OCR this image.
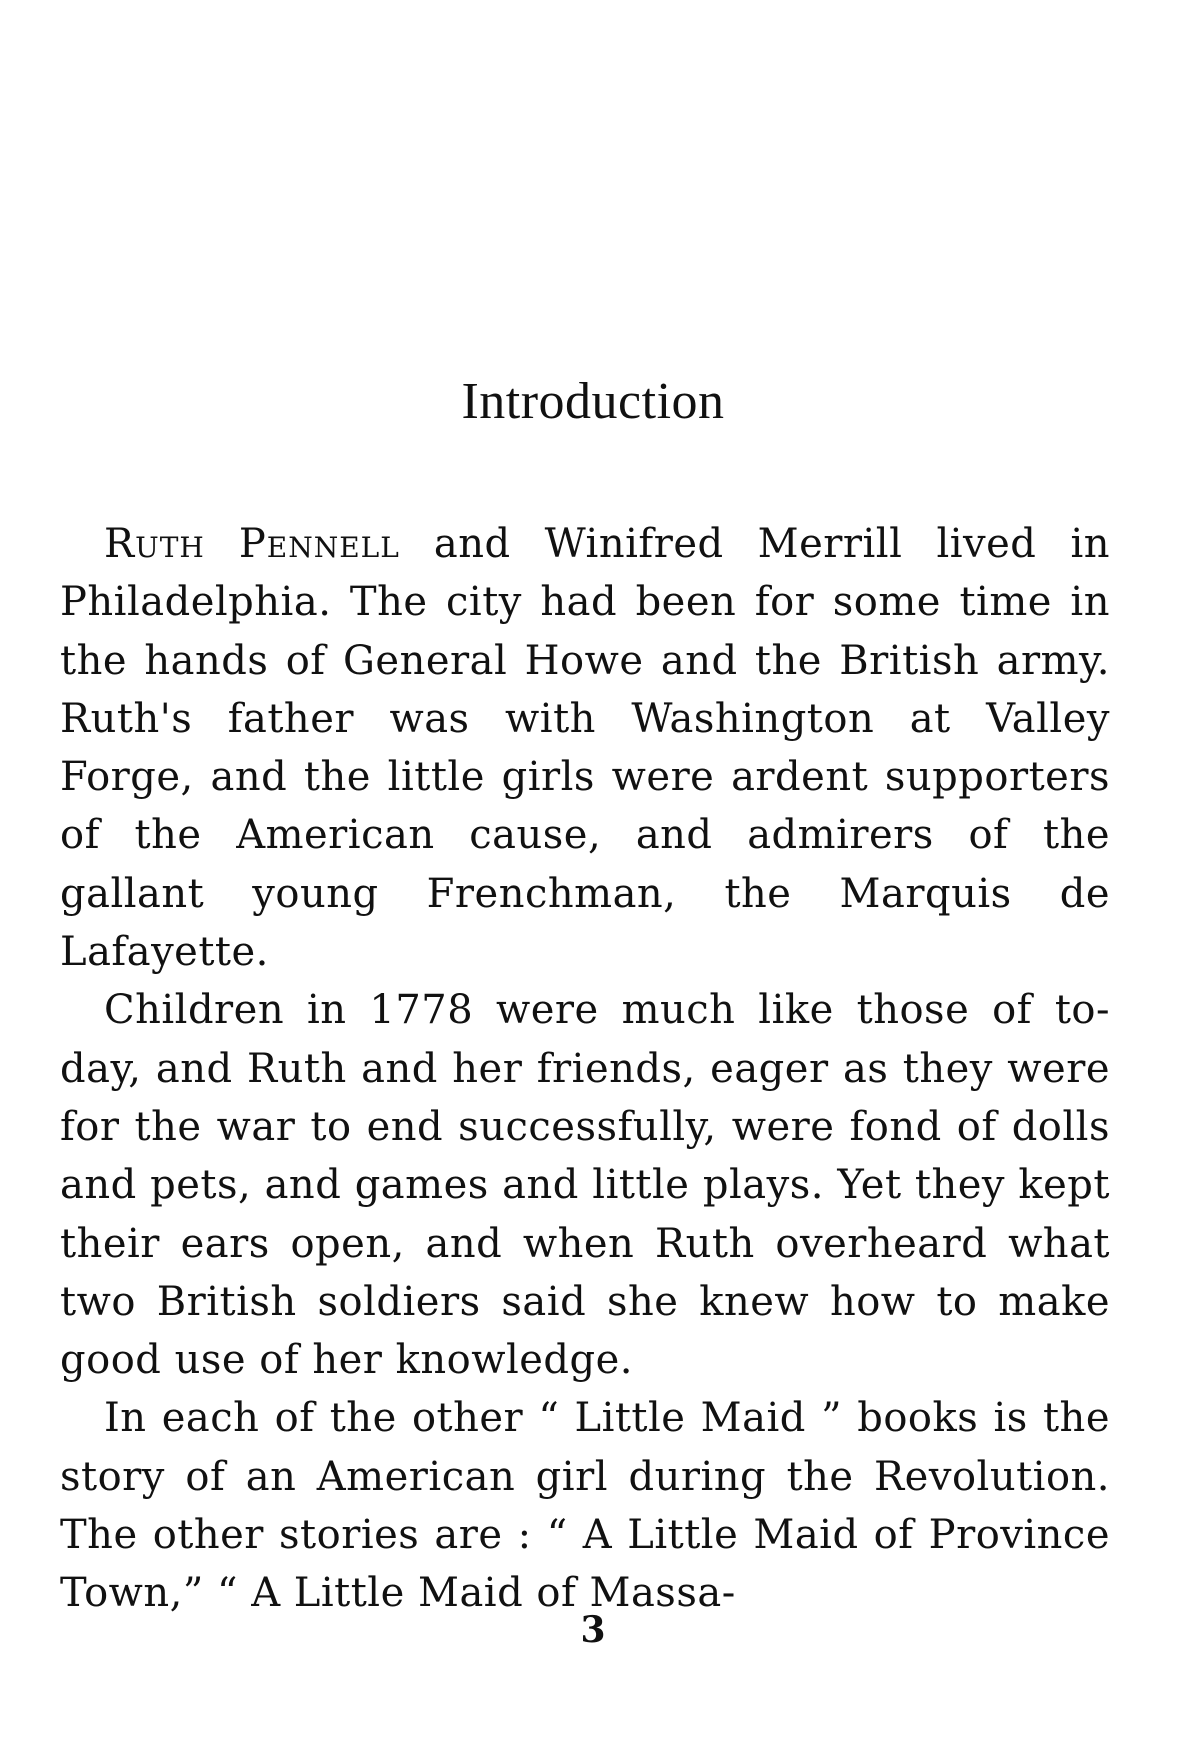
Introduction

Ruth Pennell and Winifred Merrill lived in Philadelphia. The city had been for some time in the hands of General Howe and the British army. Ruth's father was with Washington at Valley Forge, and the little girls were ardent supporters of the American cause, and admirers of the gallant young Frenchman, the Marquis de Lafayette.

Children in 1778 were much like those of to-day, and Ruth and her friends, eager as they were for the war to end successfully, were fond of dolls and pets, and games and little plays. Yet they kept their ears open, and when Ruth overheard what two British soldiers said she knew how to make good use of her knowledge.

In each of the other “ Little Maid ” books is the story of an American girl during the Revolution. The other stories are : “ A Little Maid of Province Town,” “ A Little Maid of Massa-

3
